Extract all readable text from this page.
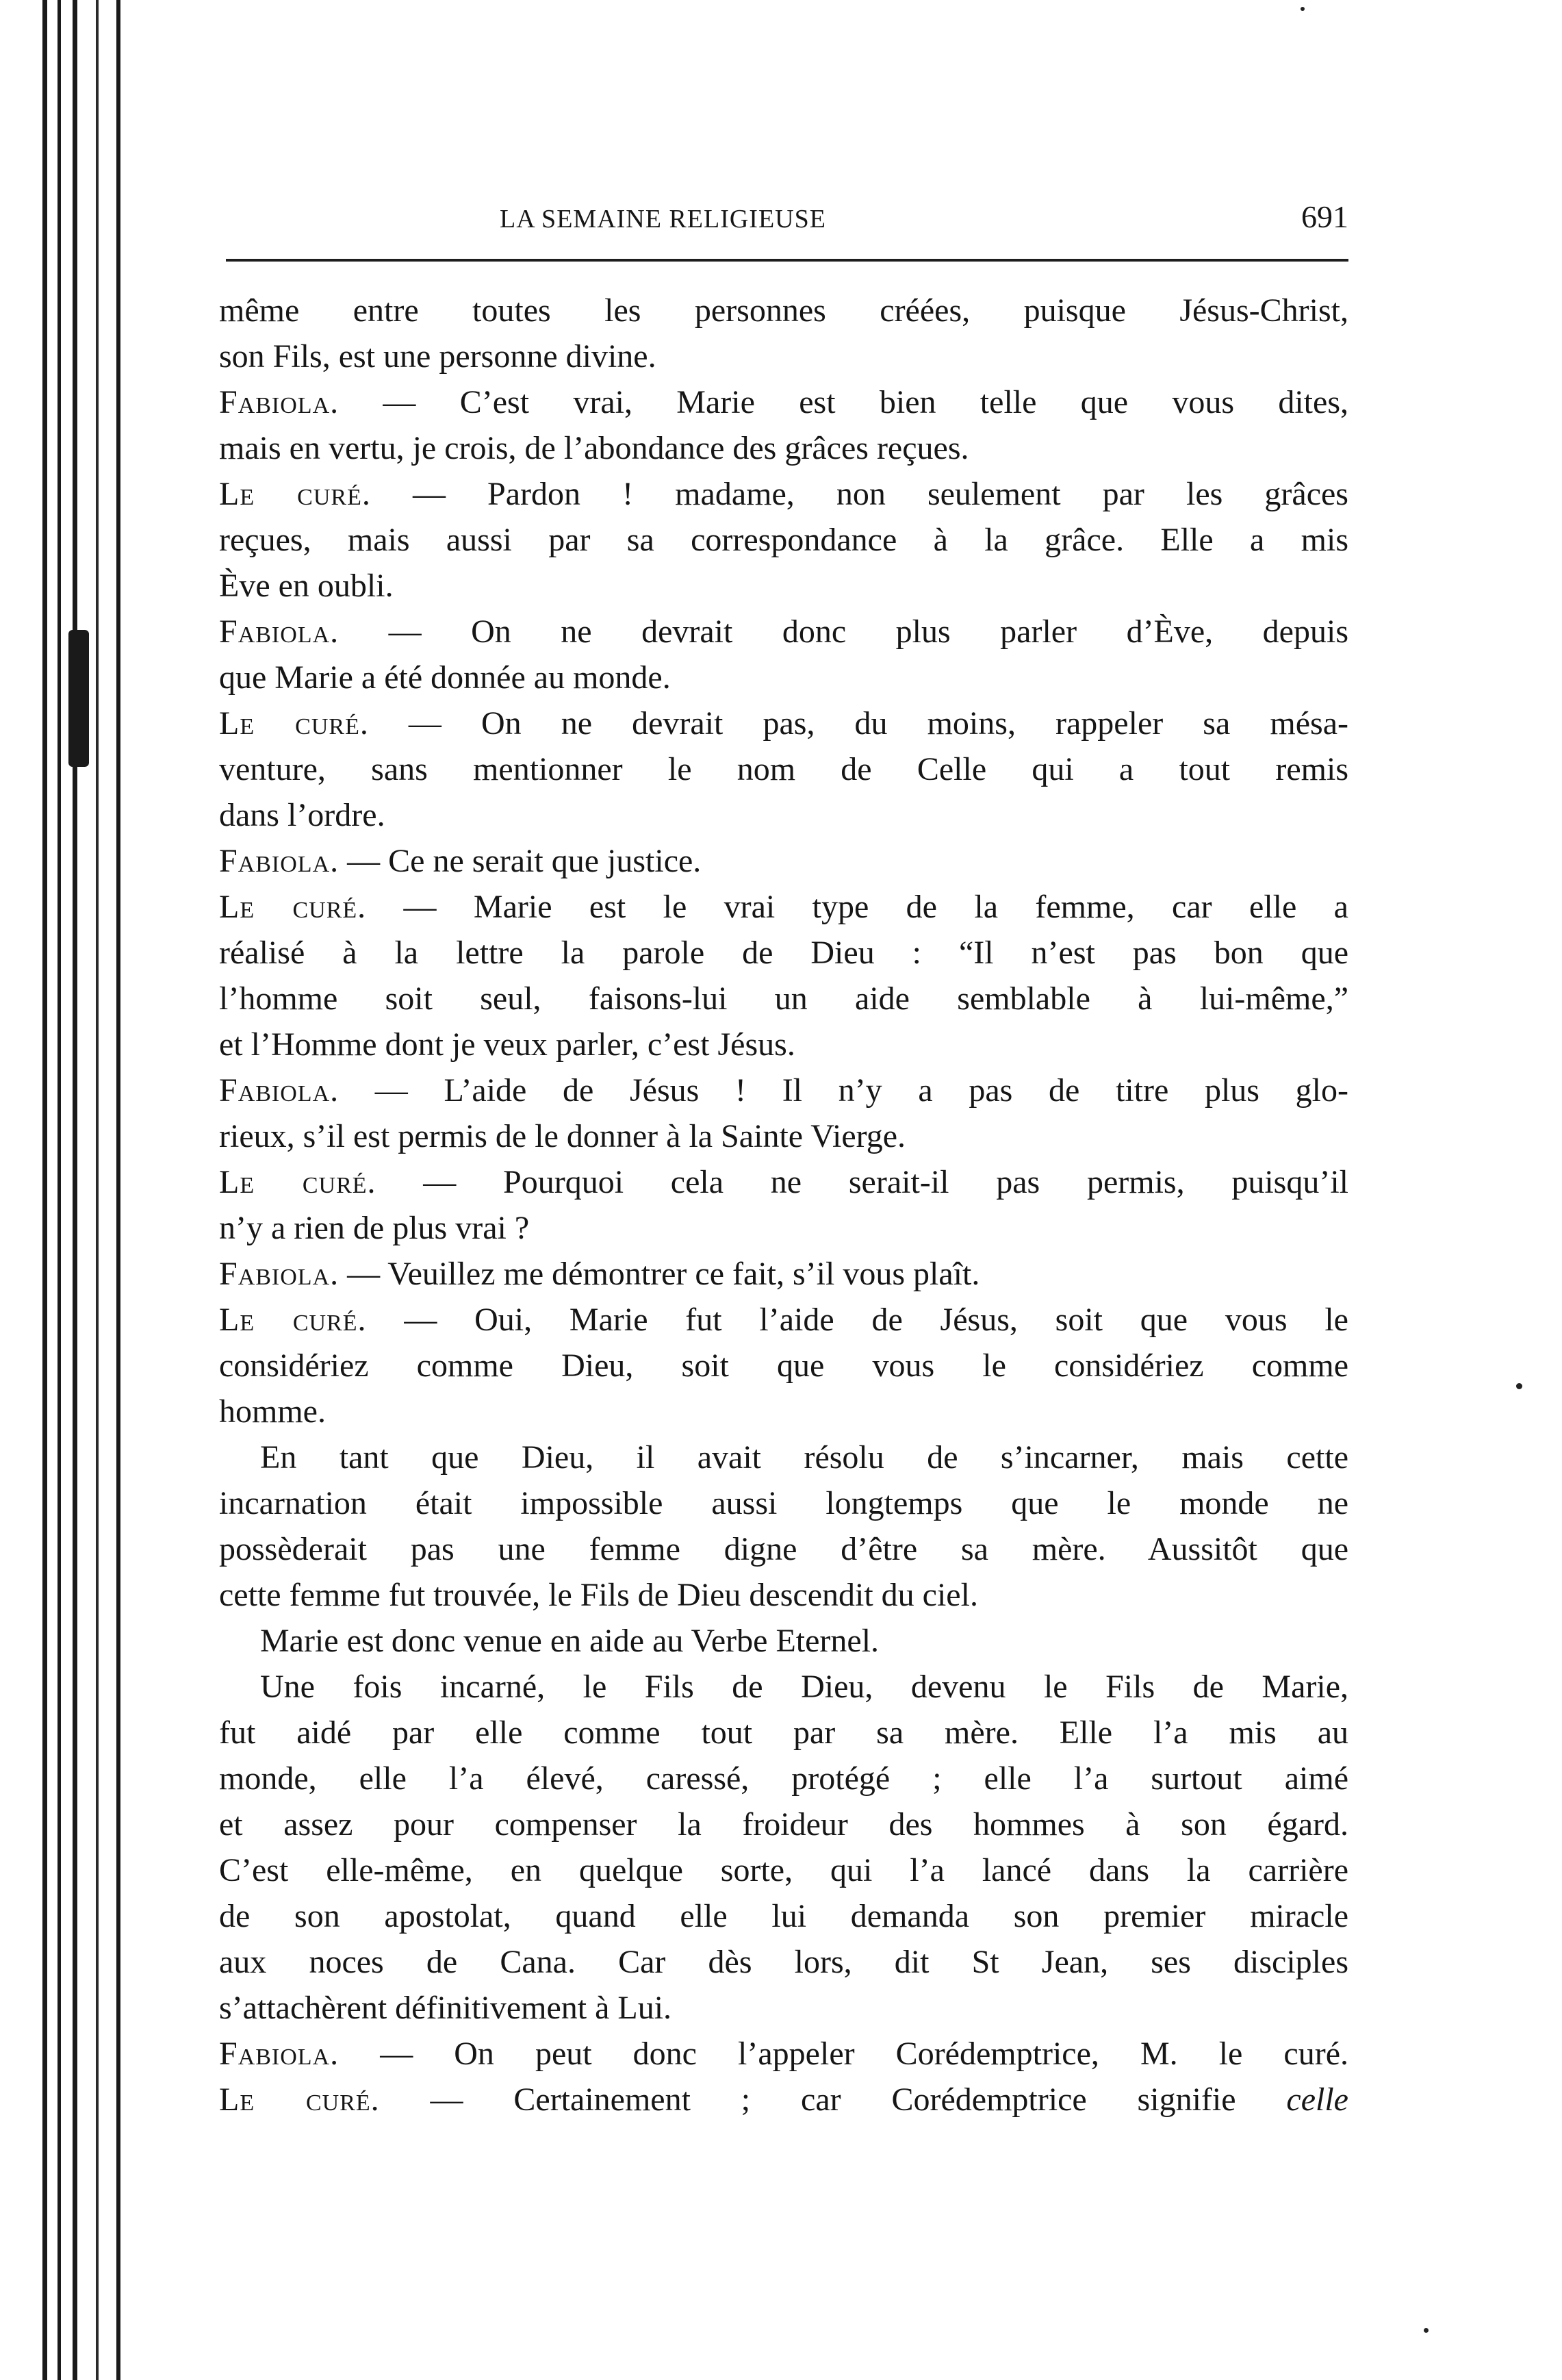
LA SEMAINE RELIGIEUSE	691
même entre toutes les personnes créées, puisque Jésus-Christ,
son Fils, est une personne divine.
Fabiola. — C’est vrai, Marie est bien telle que vous dites,
mais en vertu, je crois, de l’abondance des grâces reçues.
Le curé. — Pardon ! madame, non seulement par les grâces
reçues, mais aussi par sa correspondance à la grâce. Elle a mis
Ève en oubli.
Fabiola. — On ne devrait donc plus parler d’Ève, depuis
que Marie a été donnée au monde.
Le curé. — On ne devrait pas, du moins, rappeler sa mésa-
venture, sans mentionner le nom de Celle qui a tout remis
dans l’ordre.
Fabiola. — Ce ne serait que justice.
Le curé. — Marie est le vrai type de la femme, car elle a
réalisé à la lettre la parole de Dieu : “Il n’est pas bon que
l’homme soit seul, faisons-lui un aide semblable à lui-même,”
et l’Homme dont je veux parler, c’est Jésus.
Fabiola. — L’aide de Jésus ! Il n’y a pas de titre plus glo-
rieux, s’il est permis de le donner à la Sainte Vierge.
Le curé. — Pourquoi cela ne serait-il pas permis, puisqu’il
n’y a rien de plus vrai ?
Fabiola. — Veuillez me démontrer ce fait, s’il vous plaît.
Le curé. — Oui, Marie fut l’aide de Jésus, soit que vous le
considériez comme Dieu, soit que vous le considériez comme
homme.
En tant que Dieu, il avait résolu de s’incarner, mais cette
incarnation était impossible aussi longtemps que le monde ne
possèderait pas une femme digne d’être sa mère. Aussitôt que
cette femme fut trouvée, le Fils de Dieu descendit du ciel.
Marie est donc venue en aide au Verbe Eternel.
Une fois incarné, le Fils de Dieu, devenu le Fils de Marie,
fut aidé par elle comme tout par sa mère. Elle l’a mis au
monde, elle l’a élevé, caressé, protégé ; elle l’a surtout aimé
et assez pour compenser la froideur des hommes à son égard.
C’est elle-même, en quelque sorte, qui l’a lancé dans la carrière
de son apostolat, quand elle lui demanda son premier miracle
aux noces de Cana. Car dès lors, dit St Jean, ses disciples
s’attachèrent définitivement à Lui.
Fabiola. — On peut donc l’appeler Corédemptrice, M. le curé.
Le curé. — Certainement ; car Corédemptrice signifie celle
